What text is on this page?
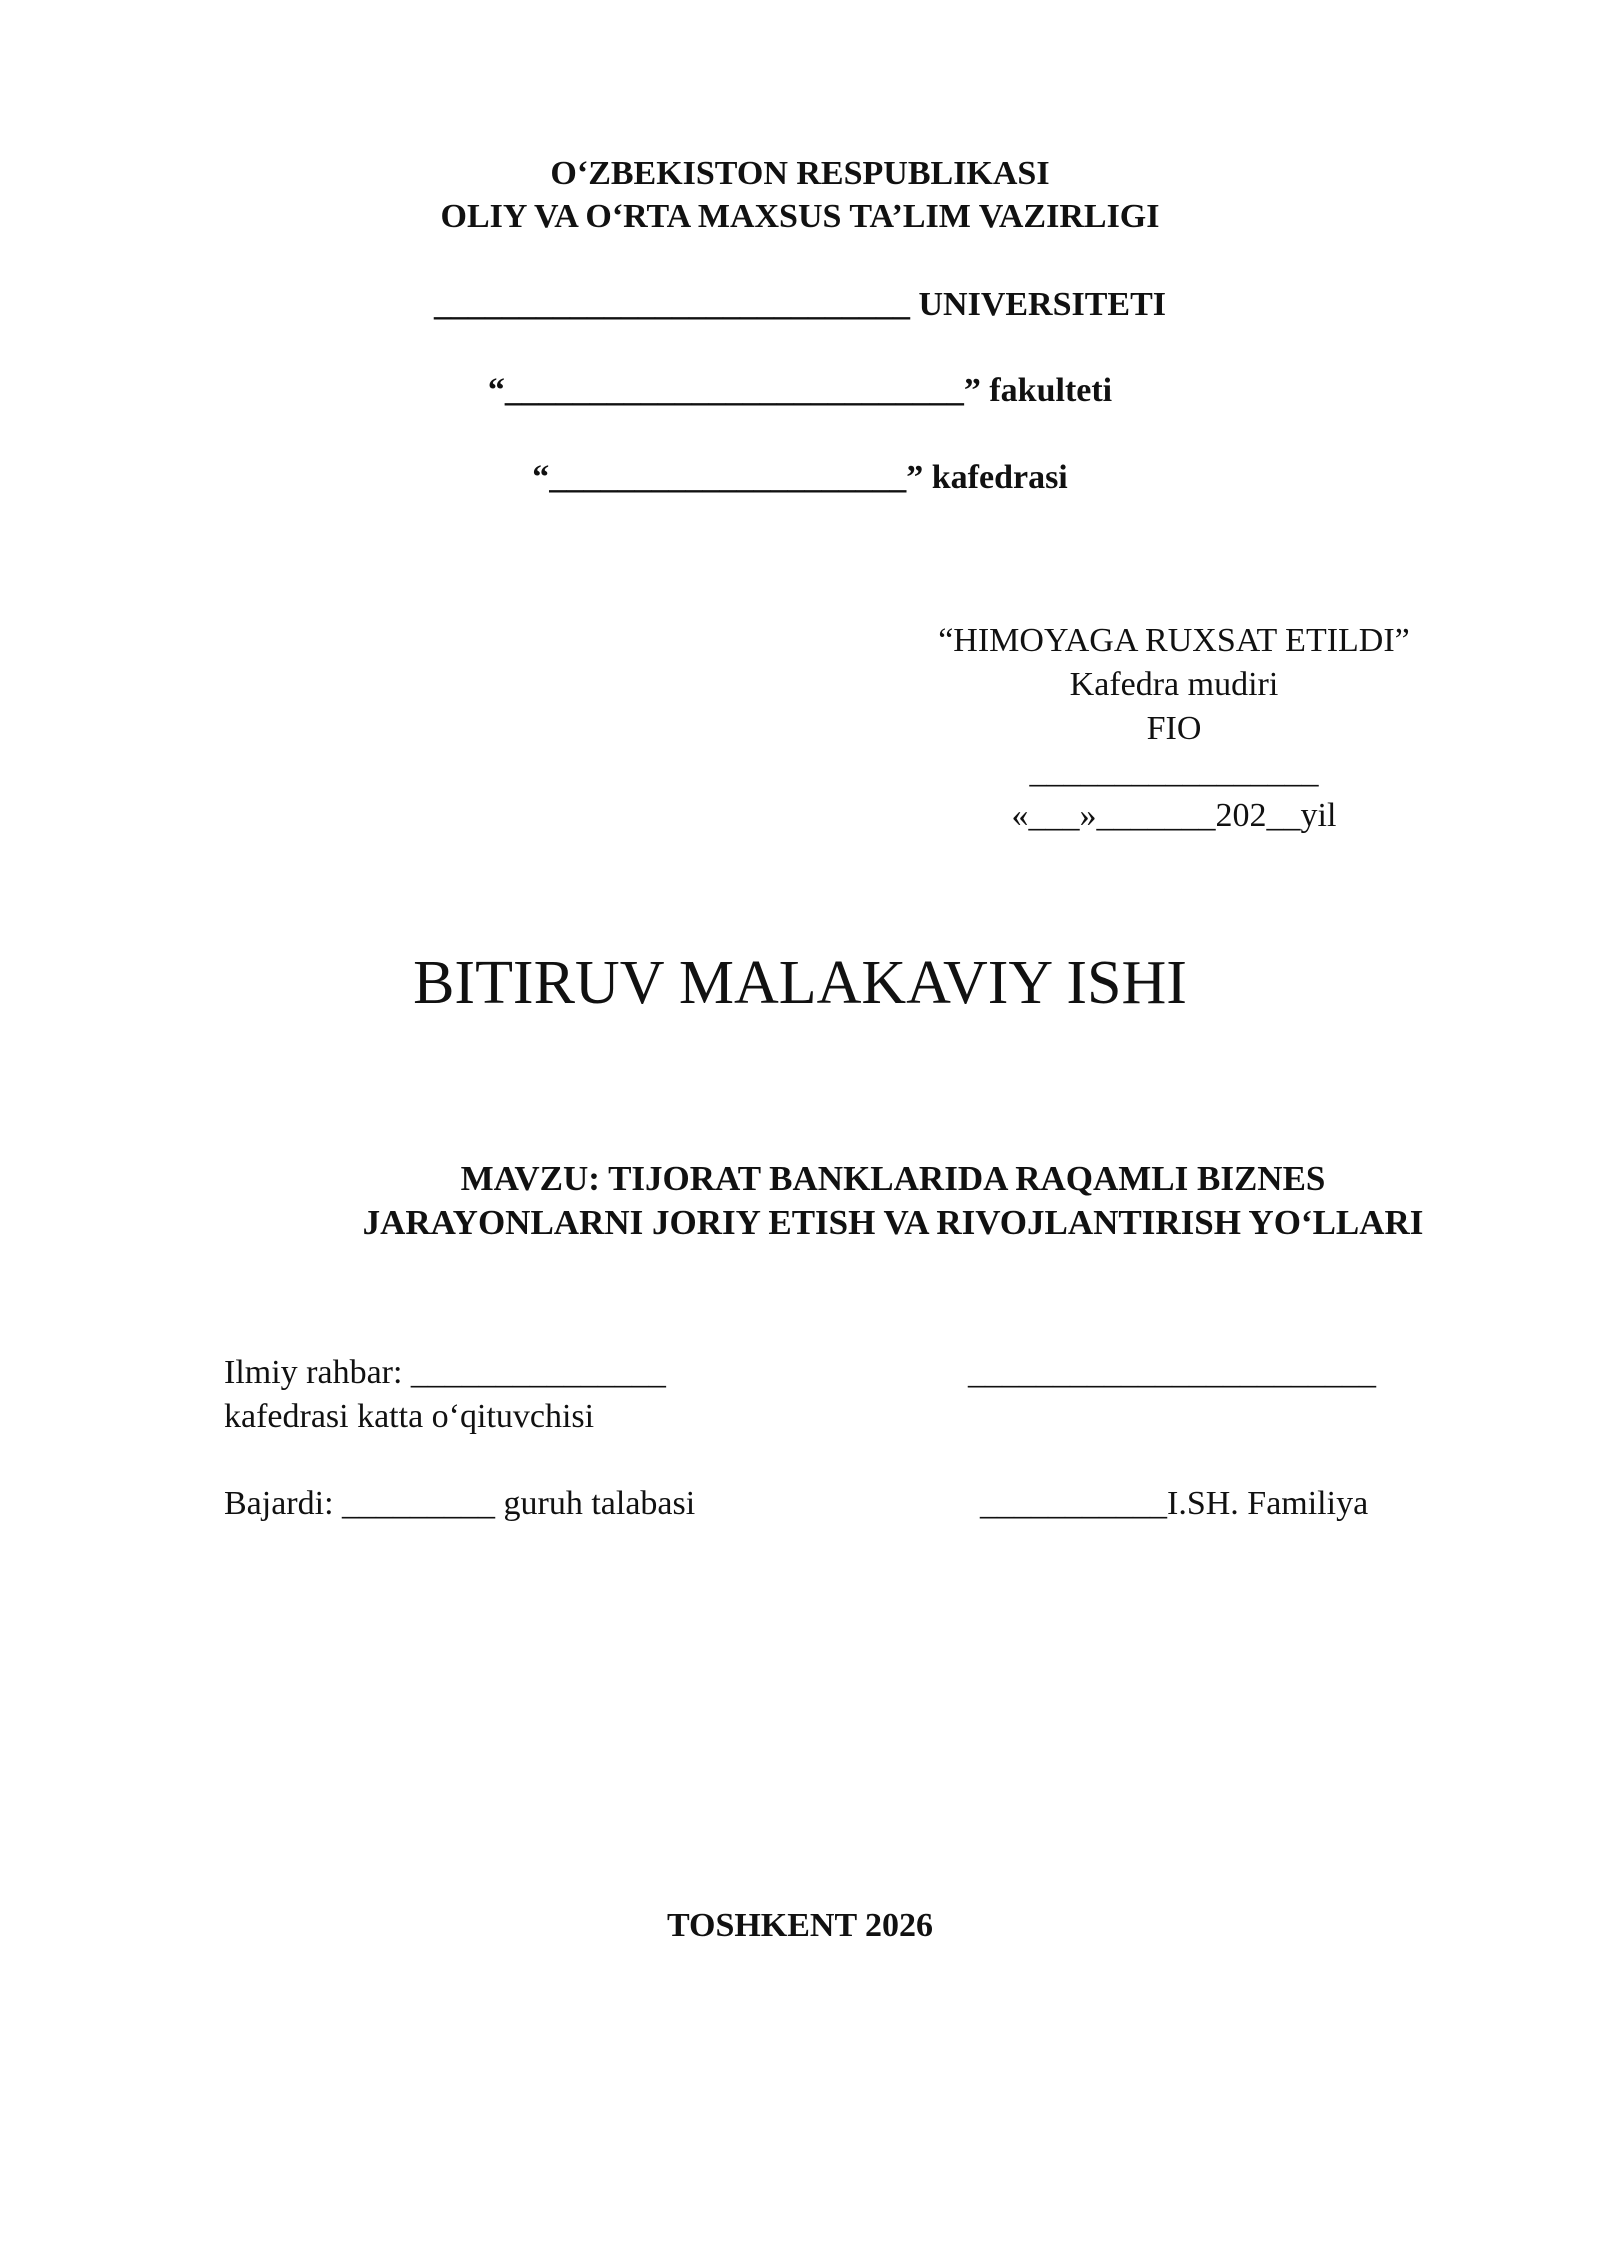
O‘ZBEKISTON RESPUBLIKASI
OLIY VA O‘RTA MAXSUS TA’LIM VAZIRLIGI
____________________________ UNIVERSITETI
“___________________________” fakulteti
“_____________________” kafedrasi

“HIMOYAGA RUXSAT ETILDI”

Kafedra mudiri

FIO

_________________

«___»_______202__yil

BITIRUV MALAKAVIY ISHI

MAVZU: TIJORAT BANKLARIDA RAQAMLI BIZNES

JARAYONLARNI JORIY ETISH VA RIVOJLANTIRISH YO‘LLARI

Ilmiy rahbar: _______________	________________________
kafedrasi katta o‘qituvchisi
Bajardi: _________ guruh talabasi	___________I.SH. Familiya
TOSHKENT 2026
